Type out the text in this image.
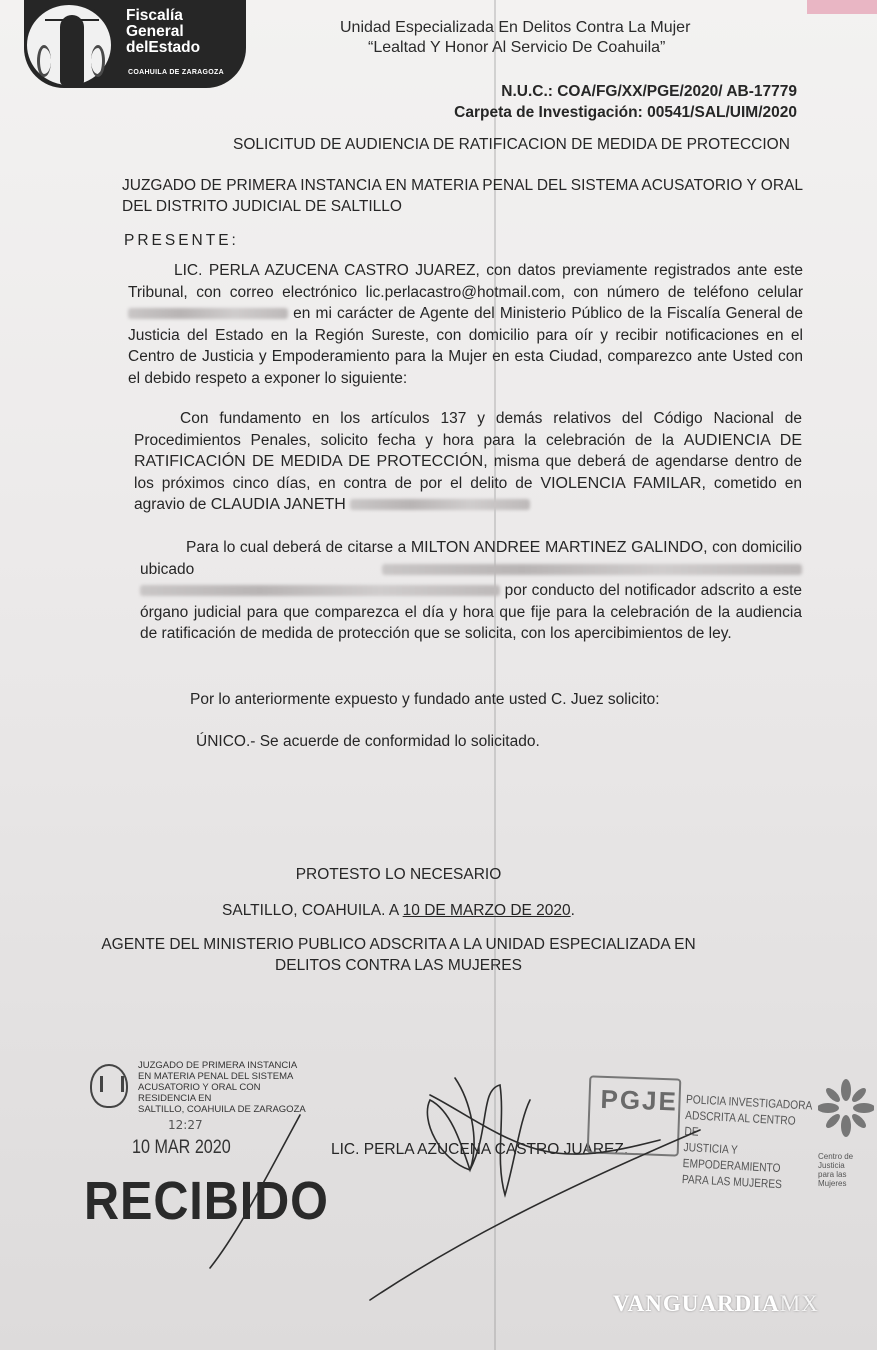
Fiscalía
General
delEstado
COAHUILA DE ZARAGOZA
Unidad Especializada En Delitos Contra La Mujer
“Lealtad Y Honor Al Servicio De Coahuila”
N.U.C.: COA/FG/XX/PGE/2020/ AB-17779
Carpeta de Investigación: 00541/SAL/UIM/2020
SOLICITUD DE AUDIENCIA DE RATIFICACION DE MEDIDA DE PROTECCION
JUZGADO DE PRIMERA INSTANCIA EN MATERIA PENAL DEL SISTEMA ACUSATORIO Y ORAL DEL DISTRITO JUDICIAL DE SALTILLO
PRESENTE:
LIC. PERLA AZUCENA CASTRO JUAREZ, con datos previamente registrados ante este Tribunal, con correo electrónico lic.perlacastro@hotmail.com, con número de teléfono celular  en mi carácter de Agente del Ministerio Público de la Fiscalía General de Justicia del Estado en la Región Sureste, con domicilio para oír y recibir notificaciones en el Centro de Justicia y Empoderamiento para la Mujer en esta Ciudad, comparezco ante Usted con el debido respeto a exponer lo siguiente:
Con fundamento en los artículos 137 y demás relativos del Código Nacional de Procedimientos Penales, solicito fecha y hora para la celebración de la AUDIENCIA DE RATIFICACIÓN DE MEDIDA DE PROTECCIÓN, misma que deberá de agendarse dentro de los próximos cinco días, en contra de por el delito de VIOLENCIA FAMILAR, cometido en agravio de CLAUDIA JANETH
Para lo cual deberá de citarse a MILTON ANDREE MARTINEZ GALINDO, con domicilio ubicado   por conducto del notificador adscrito a este órgano judicial para que comparezca el día y hora que fije para la celebración de la audiencia de ratificación de medida de protección que se solicita, con los apercibimientos de ley.
Por lo anteriormente expuesto y fundado ante usted C. Juez solicito:
ÚNICO.- Se acuerde de conformidad lo solicitado.
PROTESTO LO NECESARIO
SALTILLO, COAHUILA. A 10 DE MARZO DE 2020.
AGENTE DEL MINISTERIO PUBLICO ADSCRITA A LA UNIDAD ESPECIALIZADA EN
DELITOS CONTRA LAS MUJERES
JUZGADO DE PRIMERA INSTANCIA
EN MATERIA PENAL DEL SISTEMA
ACUSATORIO Y ORAL CON RESIDENCIA EN
SALTILLO, COAHUILA DE ZARAGOZA
12:27
10 MAR 2020
RECIBIDO
LIC. PERLA AZUCENA CASTRO JUAREZ.
PGJE POLICIA INVESTIGADORA
ADSCRITA AL CENTRO DE
JUSTICIA Y EMPODERAMIENTO
PARA LAS MUJERES
Centro de Justicia
para las Mujeres
VANGUARDIAMX
